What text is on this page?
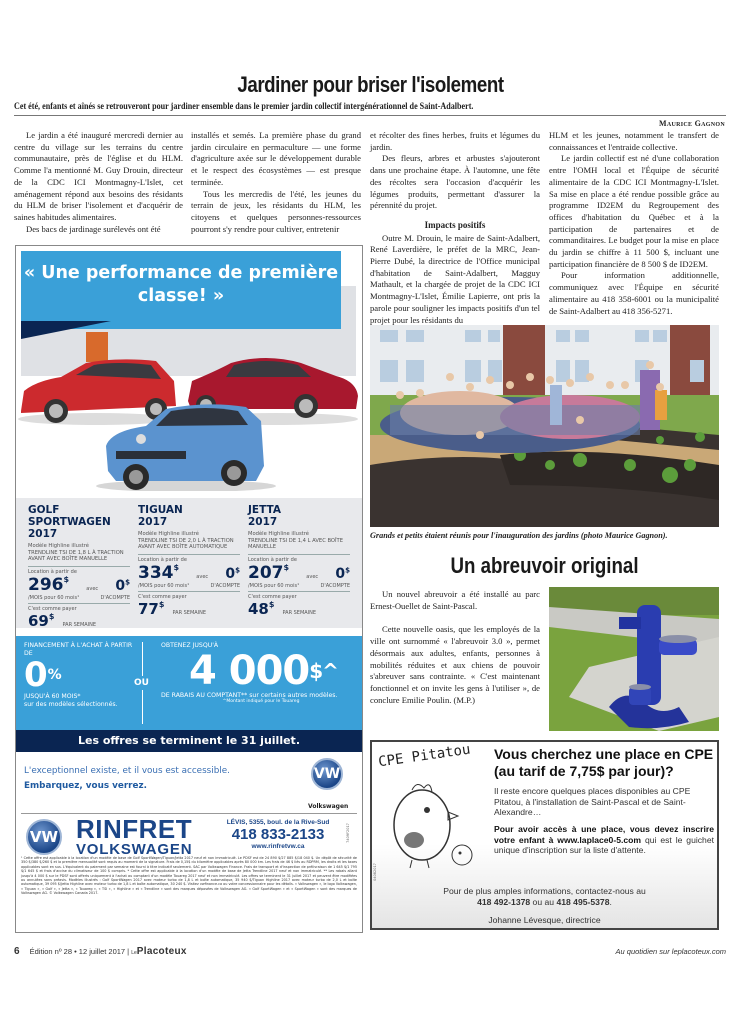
Jardiner pour briser l'isolement
Cet été, enfants et aînés se retrouveront pour jardiner ensemble dans le premier jardin collectif intergénérationnel de Saint-Adalbert.
Maurice Gagnon

Le jardin a été inauguré mercredi dernier au centre du village sur les terrains du centre communautaire, près de l'église et du HLM. Comme l'a mentionné M. Guy Drouin, directeur de la CDC ICI Montmagny-L'Islet, cet aménagement répond aux besoins des résidants du HLM de briser l'isolement et d'acquérir de saines habitudes alimentaires.

Des bacs de jardinage surélevés ont été

installés et semés. La première phase du grand jardin circulaire en permaculture — une forme d'agriculture axée sur le développement durable et le respect des écosystèmes — est presque terminée.

Tous les mercredis de l'été, les jeunes du terrain de jeux, les résidants du HLM, les citoyens et quelques personnes-ressources pourront s'y rendre pour cultiver, entretenir

et récolter des fines herbes, fruits et légumes du jardin.

Des fleurs, arbres et arbustes s'ajouteront dans une prochaine étape. À l'automne, une fête des récoltes sera l'occasion d'acquérir les légumes produits, permettant d'assurer la pérennité du projet.

Impacts positifs

Outre M. Drouin, le maire de Saint-Adalbert, René Laverdière, le préfet de la MRC, Jean-Pierre Dubé, la directrice de l'Office municipal d'habitation de Saint-Adalbert, Magguy Mathault, et la chargée de projet de la CDC ICI Montmagny-L'Islet, Émilie Lapierre, ont pris la parole pour souligner les impacts positifs d'un tel projet pour les résidants du

HLM et les jeunes, notamment le transfert de connaissances et l'entraide collective.

Le jardin collectif est né d'une collaboration entre l'OMH local et l'Équipe de sécurité alimentaire de la CDC ICI Montmagny-L'Islet. Sa mise en place a été rendue possible grâce au programme ID2EM du Regroupement des offices d'habitation du Québec et à la participation de partenaires et de commanditaires. Le budget pour la mise en place du jardin se chiffre à 11 500 $, incluant une participation financière de 8 500 $ de ID2EM.

Pour information additionnelle, communiquez avec l'Équipe en sécurité alimentaire au 418 358-6001 ou la municipalité de Saint-Adalbert au 418 356-5271.

Grands et petits étaient réunis pour l'inauguration des jardins (photo Maurice Gagnon).
Un abreuvoir original

Un nouvel abreuvoir a été installé au parc Ernest-Ouellet de Saint-Pascal.

Cette nouvelle oasis, que les employés de la ville ont surnommé « l'abreuvoir 3.0 », permet désormais aux adultes, enfants, personnes à mobilités réduites et aux chiens de pouvoir s'abreuver sans contrainte. « C'est maintenant fonctionnel et on invite les gens à l'utiliser », de conclure Emilie Poulin. (M.P.)

« Une performance de première classe! »
GOLF SPORTWAGEN
2017
Modèle Highline illustré
TRENDLINE TSI DE 1,8 L À TRACTION AVANT AVEC BOÎTE MANUELLE
Location à partir de
296$
avec 0$
/MOIS pour 60 mois¹	D'ACOMPTE
C'est comme payer
69$
PAR SEMAINE
TIGUAN
2017
Modèle Highline illustré
TRENDLINE TSI DE 2,0 L À TRACTION AVANT AVEC BOÎTE AUTOMATIQUE
Location à partir de
334$
avec 0$
/MOIS pour 60 mois¹	D'ACOMPTE
C'est comme payer
77$
PAR SEMAINE
JETTA
2017
Modèle Highline illustré
TRENDLINE TSI DE 1,4 L AVEC BOÎTE MANUELLE
Location à partir de
207$
avec 0$
/MOIS pour 60 mois¹	D'ACOMPTE
C'est comme payer
48$
PAR SEMAINE
FINANCEMENT À L'ACHAT À PARTIR DE
0%
JUSQU'À 60 MOIS*
sur des modèles sélectionnés.
OU
OBTENEZ JUSQU'À
4 000$^
DE RABAIS AU COMPTANT** sur certains autres modèles.
^Montant indiqué pour le Touareg
Les offres se terminent le 31 juillet.
L'exceptionnel existe, et il vous est accessible.
Embarquez, vous verrez.
VW
Volkswagen
VW RINFRET
VOLKSWAGEN
LÉVIS, 5355, boul. de la Rive-Sud
418 833-2133
www.rinfretvw.ca
7409F2017
¹ Cette offre est applicable à la location d'un modèle de base de Golf SportWagen/Tiguan/Jetta 2017 neuf et non immatriculé. Le PDSF est de 24 890 $/27 885 $/18 040 $. Un dépôt de sécurité de 350 $/380 $/260 $ et la première mensualité sont requis au moment de la signature. Frais de 0,15$ du kilomètre applicables après 80 000 km. Les frais de 46 $ liés au RDPRM, les droits et les taxes applicables sont en sus. L'équivalent du paiement par semaine est fourni à titre indicatif seulement. SAC par Volkswagen Finance. Frais de transport et d'inspection de prélivraison de 1 645 $/1 795 $/1 645 $ et frais d'accise du climatiseur de 100 $ compris. * Cette offre est applicable à la location d'un modèle de base de Jetta Trendline 2017 neuf et non immatriculé. ** Les rabais allant jusqu'à 4 000 $ sur le PDSF sont offerts uniquement à l'achat au comptant d'un modèle Touareg 2017 neuf et non immatriculé. Les offres se terminent le 31 juillet 2017 et peuvent être modifiées ou annulées sans préavis. Modèles illustrés : Golf SportWagen 2017 avec moteur turbo de 1,8 L et boîte automatique, 35 940 $/Tiguan Highline 2017 avec moteur turbo de 2,0 L et boîte automatique, 39 095 $/Jetta Highline avec moteur turbo de 1,8 L et boîte automatique, 30 240 $. Visitez vwfinance.ca ou votre concessionnaire pour les détails. « Volkswagen », le logo Volkswagen, « Tiguan », « Golf », « Jetta », « Touareg », « TSI », « Highline » et « Trendline » sont des marques déposées de Volkswagen AG. « Golf SportWagen » et « SportWagen » sont des marques de Volkswagen AG. © Volkswagen Canada 2017.
CPE Pitatou Vous cherchez une place en CPE (au tarif de 7,75$ par jour)?
Il reste encore quelques places disponibles au CPE Pitatou, à l'installation de Saint-Pascal et de Saint-Alexandre…
Pour avoir accès à une place, vous devez inscrire votre enfant à www.laplace0-5.com qui est le guichet unique d'inscription sur la liste d'attente.
Pour de plus amples informations, contactez-nous au
418 492-1378 ou au 418 495-5378.
Johanne Lévesque, directrice
04082017
6 Édition nº 28 • 12 juillet 2017 | LePlacoteux	Au quotidien sur leplacoteux.com
